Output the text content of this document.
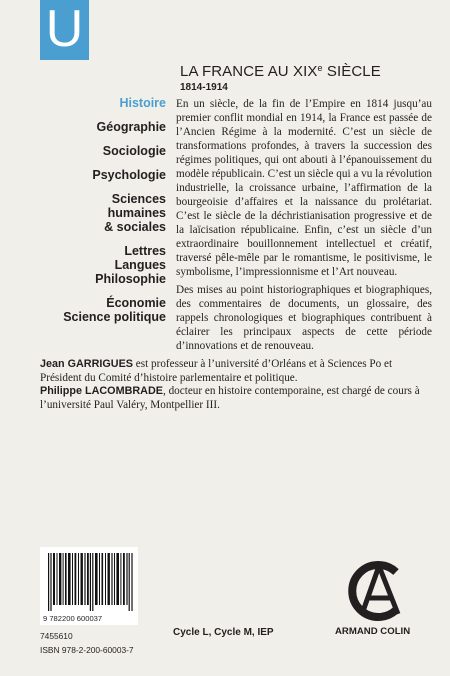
U
LA FRANCE AU XIXe SIÈCLE
1814-1914
Histoire
Géographie
Sociologie
Psychologie
Sciences
humaines
& sociales
Lettres
Langues
Philosophie
Économie
Science politique

En un siècle, de la fin de l’Empire en 1814 jusqu’au premier conflit mondial en 1914, la France est passée de l’Ancien Régime à la modernité. C’est un siècle de transformations profondes, à travers la succession des régimes politiques, qui ont abouti à l’épanouissement du modèle républicain. C’est un siècle qui a vu la révolution industrielle, la croissance urbaine, l’affirmation de la bourgeoisie d’affaires et la naissance du prolétariat. C’est le siècle de la déchristianisation progressive et de la laïcisation républicaine. Enfin, c’est un siècle d’un extraordinaire bouillonnement intellectuel et créatif, traversé pêle-mêle par le romantisme, le positivisme, le symbolisme, l’impressionnisme et l’Art nouveau.

Des mises au point historiographiques et biographiques, des commentaires de documents, un glossaire, des rappels chronologiques et biographiques contribuent à éclairer les principaux aspects de cette période d’innovations et de renouveau.

Jean GARRIGUES est professeur à l’université d’Orléans et à Sciences Po et Président du Comité d’histoire parlementaire et politique.

Philippe LACOMBRADE, docteur en histoire contemporaine, est chargé de cours à l’université Paul Valéry, Montpellier III.

9 782200 600037
7455610
ISBN 978-2-200-60003-7
Cycle L, Cycle M, IEP	ARMAND COLIN
